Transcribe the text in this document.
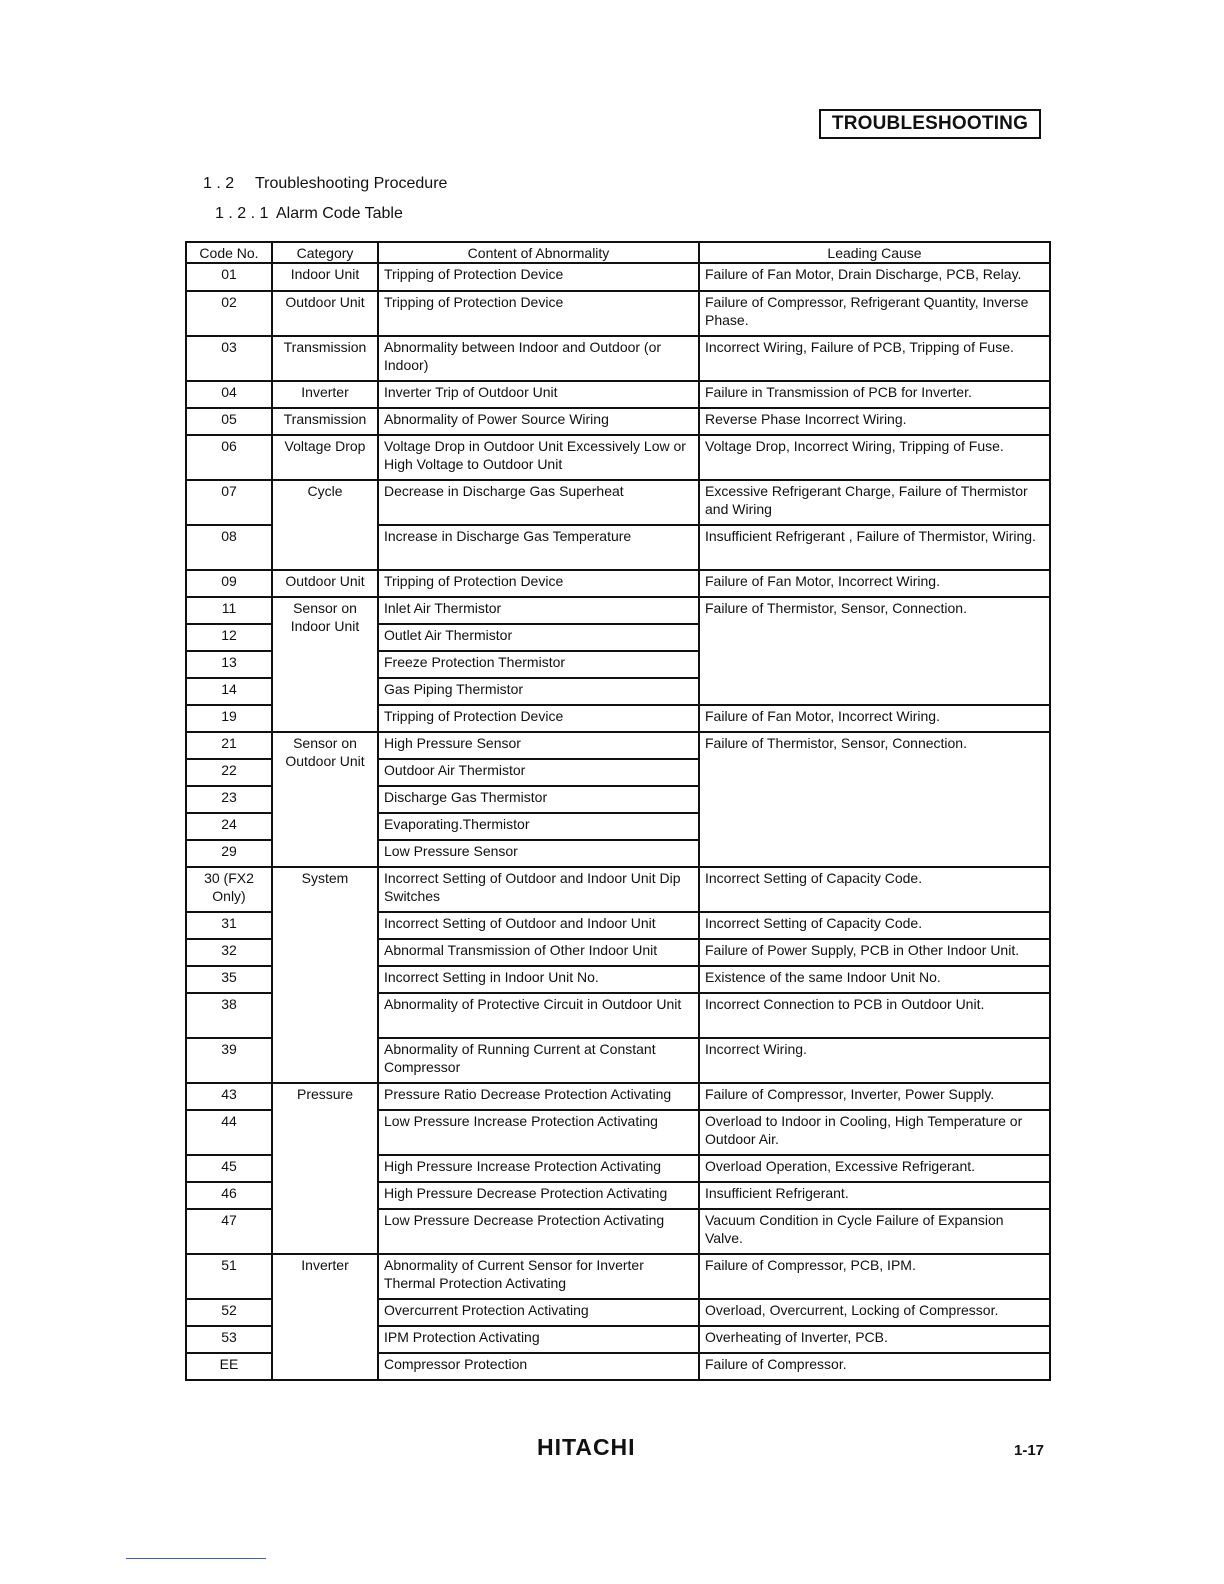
TROUBLESHOOTING
1 . 2 Troubleshooting Procedure
1 . 2 . 1 Alarm Code Table
Code No.	Category	Content of Abnormality	Leading Cause
01	Indoor Unit	Tripping of Protection Device	Failure of Fan Motor, Drain Discharge, PCB, Relay.
02	Outdoor Unit	Tripping of Protection Device	Failure of Compressor, Refrigerant Quantity, Inverse Phase.
03	Transmission	Abnormality between Indoor and Outdoor (or Indoor)	Incorrect Wiring, Failure of PCB, Tripping of Fuse.
04	Inverter	Inverter Trip of Outdoor Unit	Failure in Transmission of PCB for Inverter.
05	Transmission	Abnormality of Power Source Wiring	Reverse Phase Incorrect Wiring.
06	Voltage Drop	Voltage Drop in Outdoor Unit Excessively Low or High Voltage to Outdoor Unit	Voltage Drop, Incorrect Wiring, Tripping of Fuse.
07	Cycle	Decrease in Discharge Gas Superheat	Excessive Refrigerant Charge, Failure of Thermistor and Wiring
08		Increase in Discharge Gas Temperature	Insufficient Refrigerant , Failure of Thermistor, Wiring.
09	Outdoor Unit	Tripping of Protection Device	Failure of Fan Motor, Incorrect Wiring.
11	Sensor on Indoor Unit	Inlet Air Thermistor	Failure of Thermistor, Sensor, Connection.
12		Outlet Air Thermistor	
13		Freeze Protection Thermistor	
14		Gas Piping Thermistor	
19		Tripping of Protection Device	Failure of Fan Motor, Incorrect Wiring.
21	Sensor on Outdoor Unit	High Pressure Sensor	Failure of Thermistor, Sensor, Connection.
22		Outdoor Air Thermistor	
23		Discharge Gas Thermistor	
24		Evaporating.Thermistor	
29		Low Pressure Sensor	
30 (FX2 Only)	System	Incorrect Setting of Outdoor and Indoor Unit Dip Switches	Incorrect Setting of Capacity Code.
31		Incorrect Setting of Outdoor and Indoor Unit	Incorrect Setting of Capacity Code.
32		Abnormal Transmission of Other Indoor Unit	Failure of Power Supply, PCB in Other Indoor Unit.
35		Incorrect Setting in Indoor Unit No.	Existence of the same Indoor Unit No.
38		Abnormality of Protective Circuit in Outdoor Unit	Incorrect Connection to PCB in Outdoor Unit.
39		Abnormality of Running Current at Constant Compressor	Incorrect Wiring.
43	Pressure	Pressure Ratio Decrease Protection Activating	Failure of Compressor, Inverter, Power Supply.
44		Low Pressure Increase Protection Activating	Overload to Indoor in Cooling, High Temperature or Outdoor Air.
45		High Pressure Increase Protection Activating	Overload Operation, Excessive Refrigerant.
46		High Pressure Decrease Protection Activating	Insufficient Refrigerant.
47		Low Pressure Decrease Protection Activating	Vacuum Condition in Cycle Failure of Expansion Valve.
51	Inverter	Abnormality of Current Sensor for Inverter Thermal Protection Activating	Failure of Compressor, PCB, IPM.
52		Overcurrent Protection Activating	Overload, Overcurrent, Locking of Compressor.
53		IPM Protection Activating	Overheating of Inverter, PCB.
EE		Compressor Protection	Failure of Compressor.
HITACHI	1-17
